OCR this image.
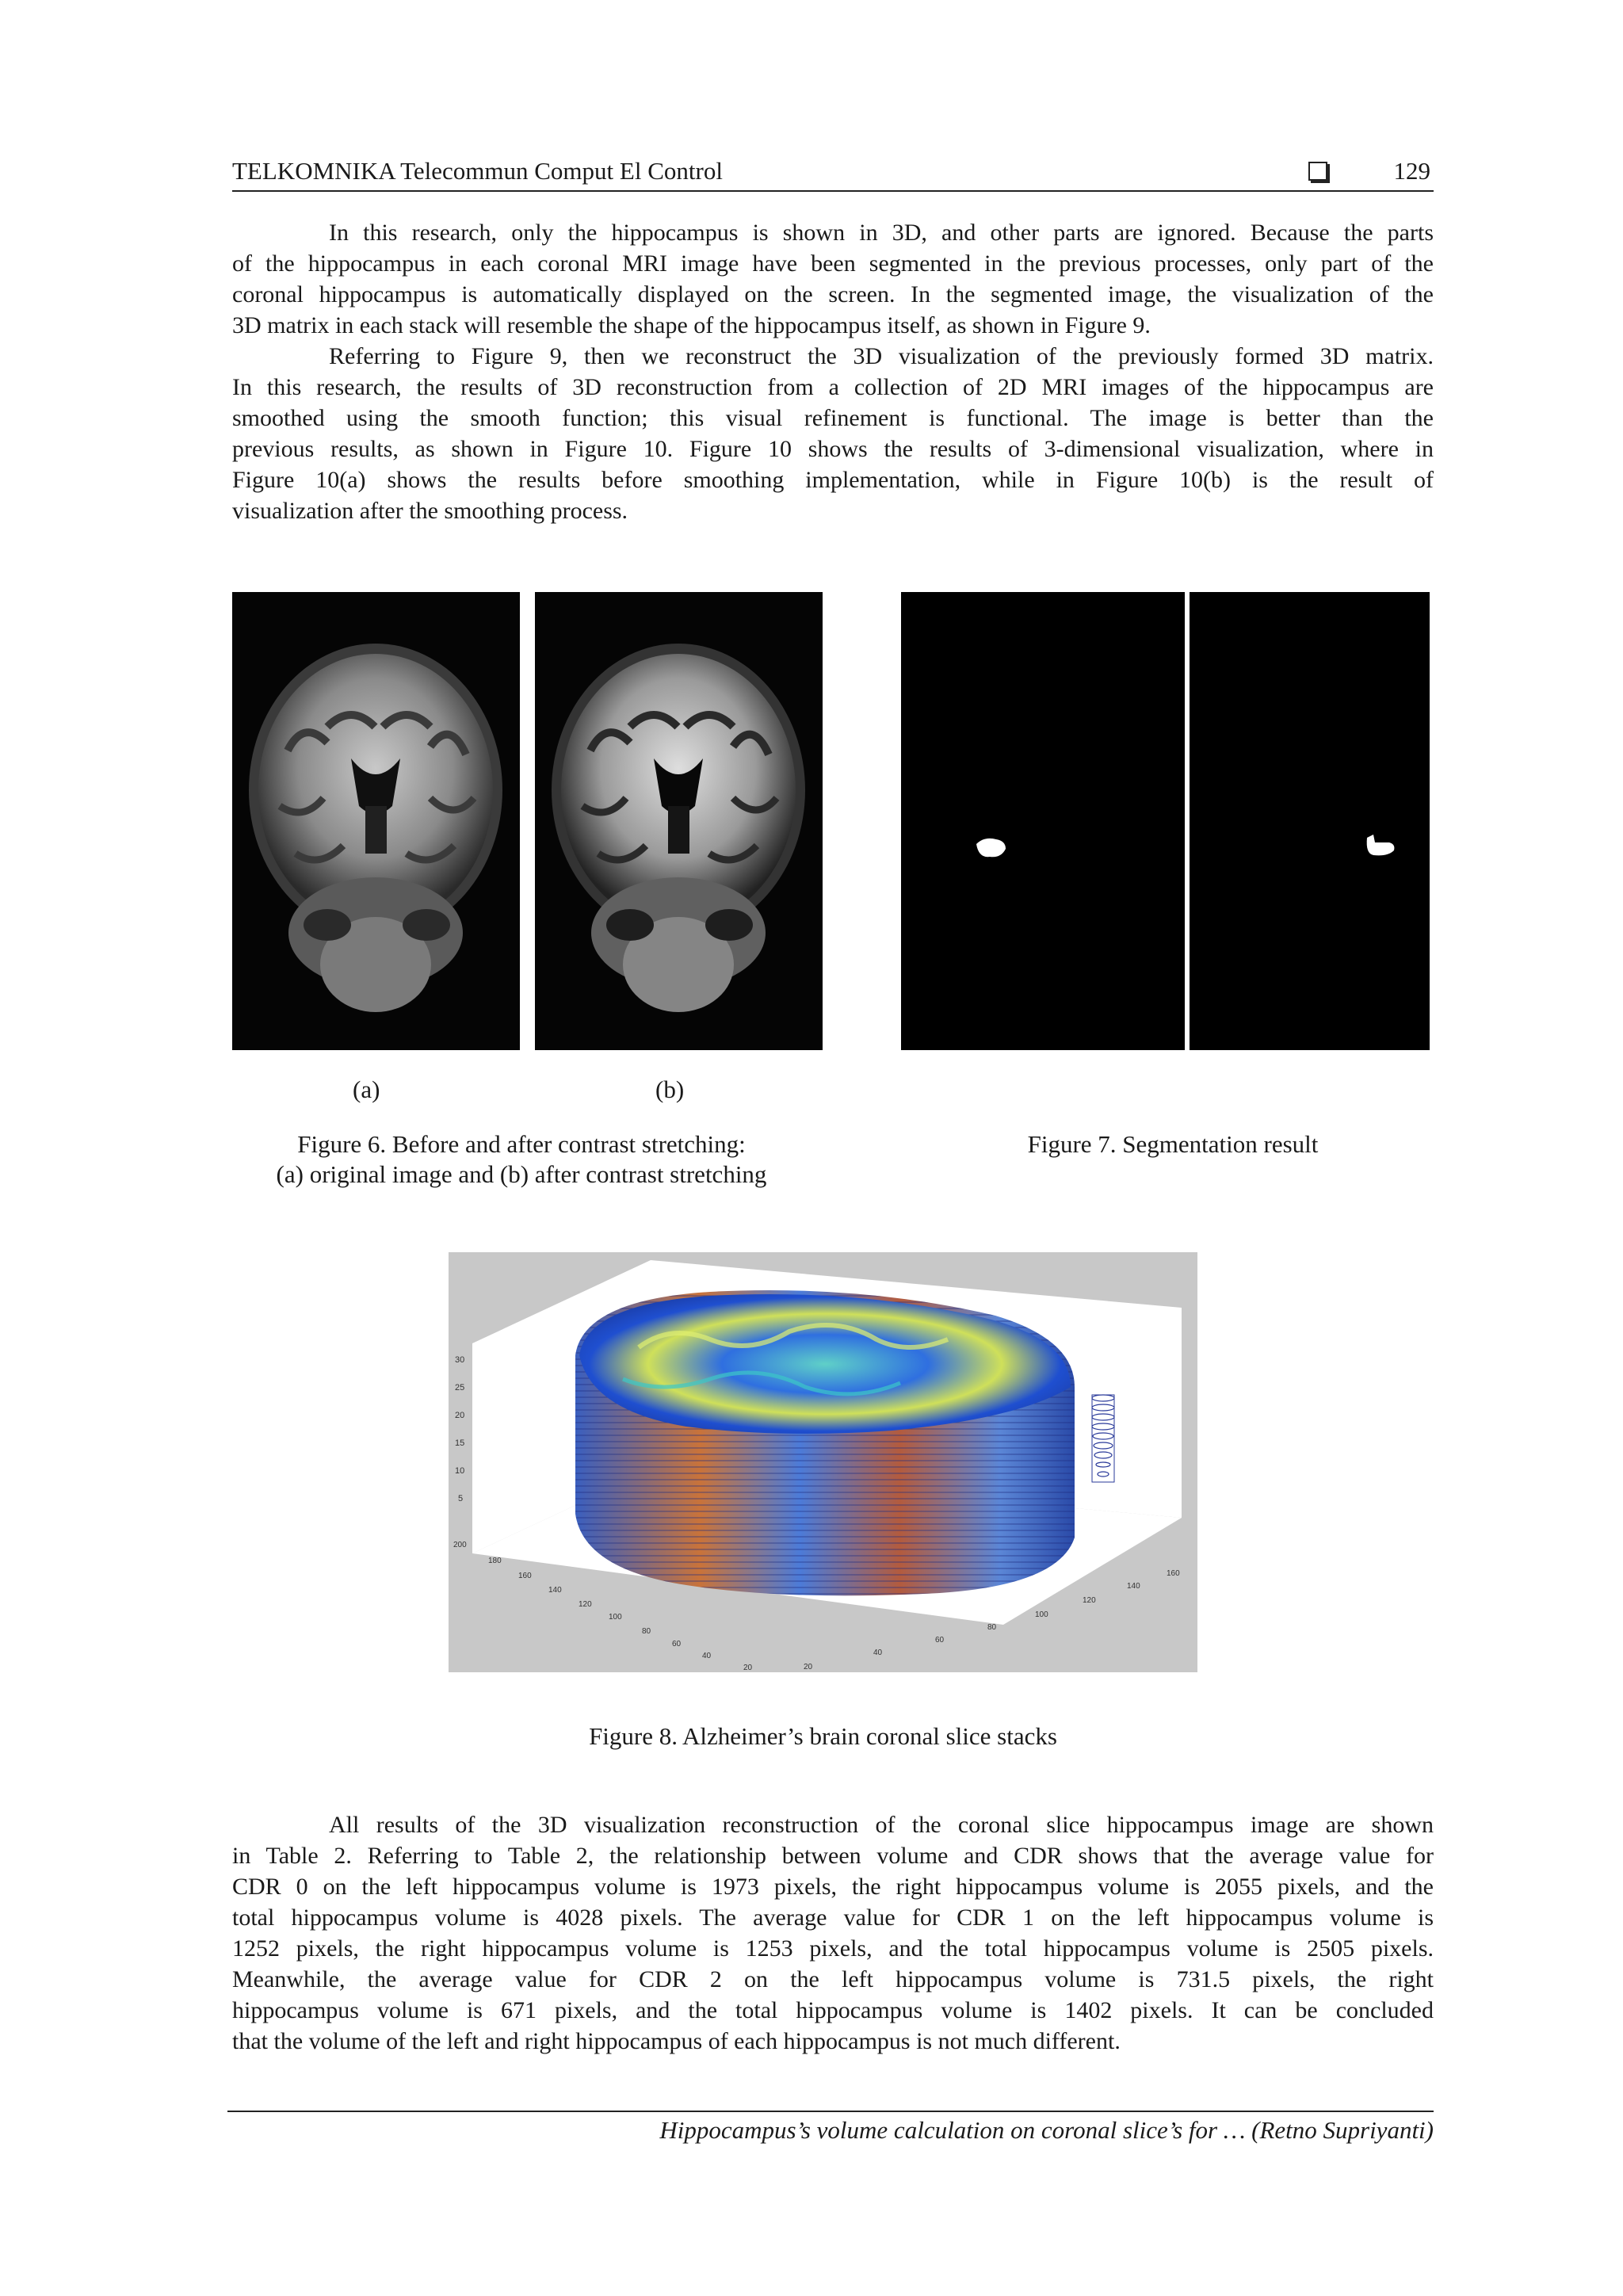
TELKOMNIKA Telecommun Comput El Control	129
In this research, only the hippocampus is shown in 3D, and other parts are ignored. Because the parts
of the hippocampus in each coronal MRI image have been segmented in the previous processes, only part of the
coronal hippocampus is automatically displayed on the screen. In the segmented image, the visualization of the
3D matrix in each stack will resemble the shape of the hippocampus itself, as shown in Figure 9.
Referring to Figure 9, then we reconstruct the 3D visualization of the previously formed 3D matrix.
In this research, the results of 3D reconstruction from a collection of 2D MRI images of the hippocampus are
smoothed using the smooth function; this visual refinement is functional. The image is better than the
previous results, as shown in Figure 10. Figure 10 shows the results of 3-dimensional visualization, where in
Figure 10(a) shows the results before smoothing implementation, while in Figure 10(b) is the result of
visualization after the smoothing process.
(a)	(b)
Figure 6. Before and after contrast stretching:
(a) original image and (b) after contrast stretching
Figure 7. Segmentation result
30
25
20
15
10
5
200
180
160
140
120
100
80
60
40
20	20
40
60
80
100
120
140
160
Figure 8. Alzheimer’s brain coronal slice stacks
All results of the 3D visualization reconstruction of the coronal slice hippocampus image are shown
in Table 2. Referring to Table 2, the relationship between volume and CDR shows that the average value for
CDR 0 on the left hippocampus volume is 1973 pixels, the right hippocampus volume is 2055 pixels, and the
total hippocampus volume is 4028 pixels. The average value for CDR 1 on the left hippocampus volume is
1252 pixels, the right hippocampus volume is 1253 pixels, and the total hippocampus volume is 2505 pixels.
Meanwhile, the average value for CDR 2 on the left hippocampus volume is 731.5 pixels, the right
hippocampus volume is 671 pixels, and the total hippocampus volume is 1402 pixels. It can be concluded
that the volume of the left and right hippocampus of each hippocampus is not much different.
Hippocampus’s volume calculation on coronal slice’s for … (Retno Supriyanti)
